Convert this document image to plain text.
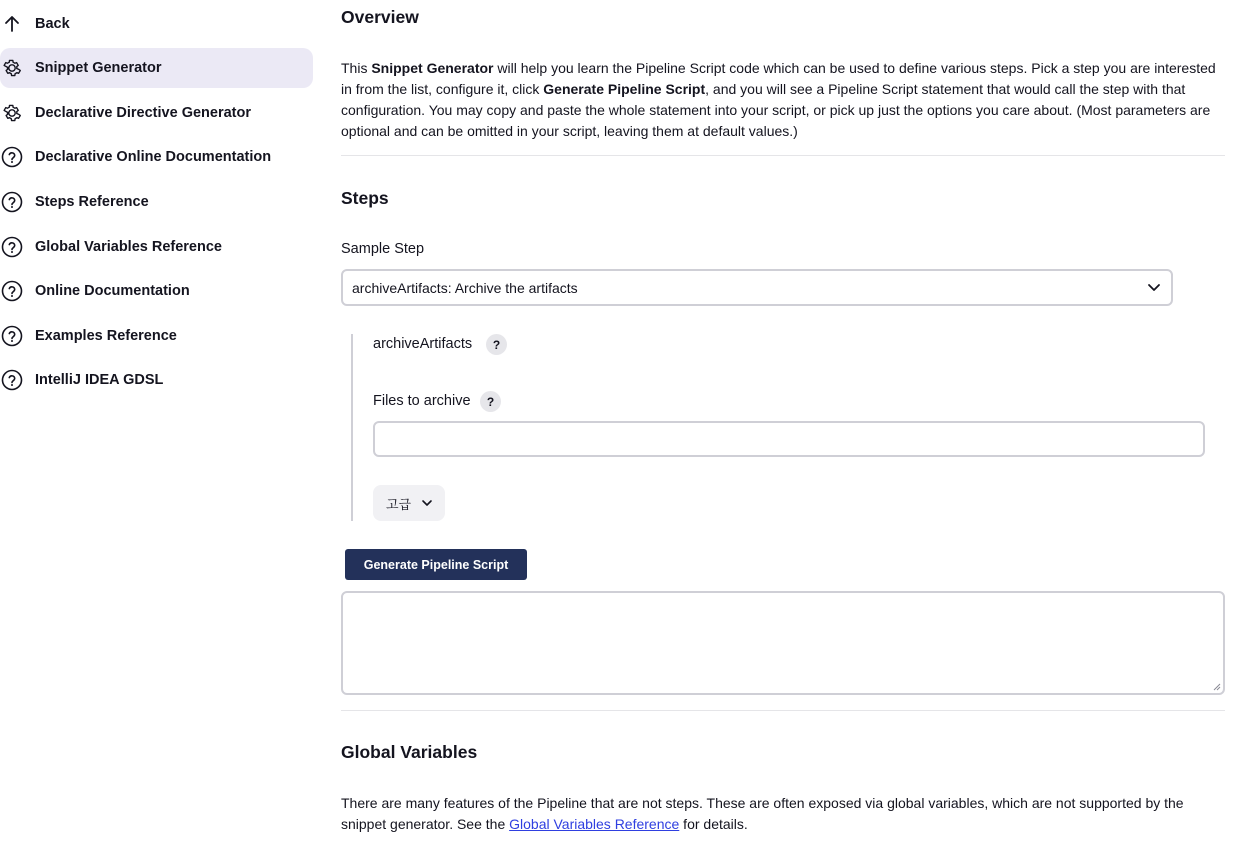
Back
Snippet Generator
Declarative Directive Generator
Declarative Online Documentation
Steps Reference
Global Variables Reference
Online Documentation
Examples Reference
IntelliJ IDEA GDSL
Overview

This Snippet Generator will help you learn the Pipeline Script code which can be used to define various steps. Pick a step you are interested in from the list, configure it, click Generate Pipeline Script, and you will see a Pipeline Script statement that would call the step with that configuration. You may copy and paste the whole statement into your script, or pick up just the options you care about. (Most parameters are optional and can be omitted in your script, leaving them at default values.)

Steps
Sample Step
archiveArtifacts: Archive the artifacts
archiveArtifacts	?
Files to archive	?
고급
Generate Pipeline Script
Global Variables

There are many features of the Pipeline that are not steps. These are often exposed via global variables, which are not supported by the snippet generator. See the Global Variables Reference for details.
